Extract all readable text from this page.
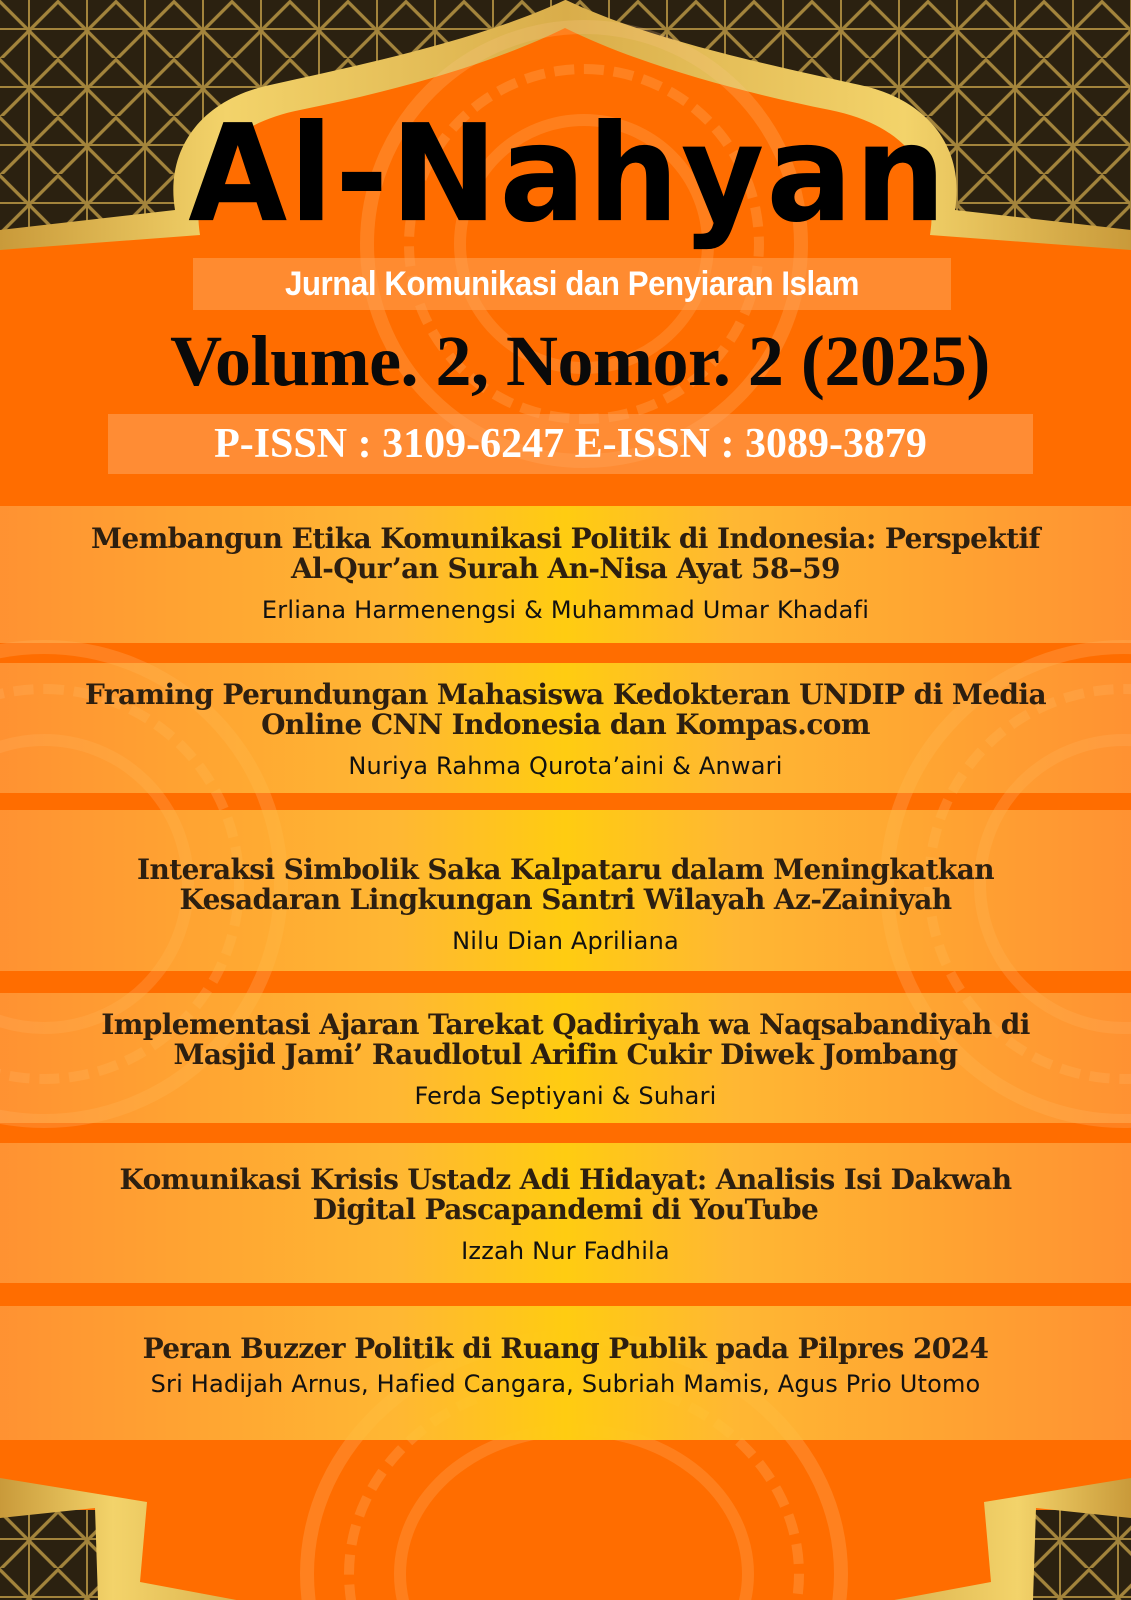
Al-Nahyan
Jurnal Komunikasi dan Penyiaran Islam
Volume. 2, Nomor. 2 (2025)
P-ISSN : 3109-6247 E-ISSN : 3089-3879
Membangun Etika Komunikasi Politik di Indonesia: Perspektif
Al-Qur’an Surah An-Nisa Ayat 58–59
Erliana Harmenengsi & Muhammad Umar Khadafi
Framing Perundungan Mahasiswa Kedokteran UNDIP di Media
Online CNN Indonesia dan Kompas.com
Nuriya Rahma Qurota’aini & Anwari
Interaksi Simbolik Saka Kalpataru dalam Meningkatkan
Kesadaran Lingkungan Santri Wilayah Az-Zainiyah
Nilu Dian Apriliana
Implementasi Ajaran Tarekat Qadiriyah wa Naqsabandiyah di
Masjid Jami’ Raudlotul Arifin Cukir Diwek Jombang
Ferda Septiyani & Suhari
Komunikasi Krisis Ustadz Adi Hidayat: Analisis Isi Dakwah
Digital Pascapandemi di YouTube
Izzah Nur Fadhila
Peran Buzzer Politik di Ruang Publik pada Pilpres 2024
Sri Hadijah Arnus, Hafied Cangara, Subriah Mamis, Agus Prio Utomo
